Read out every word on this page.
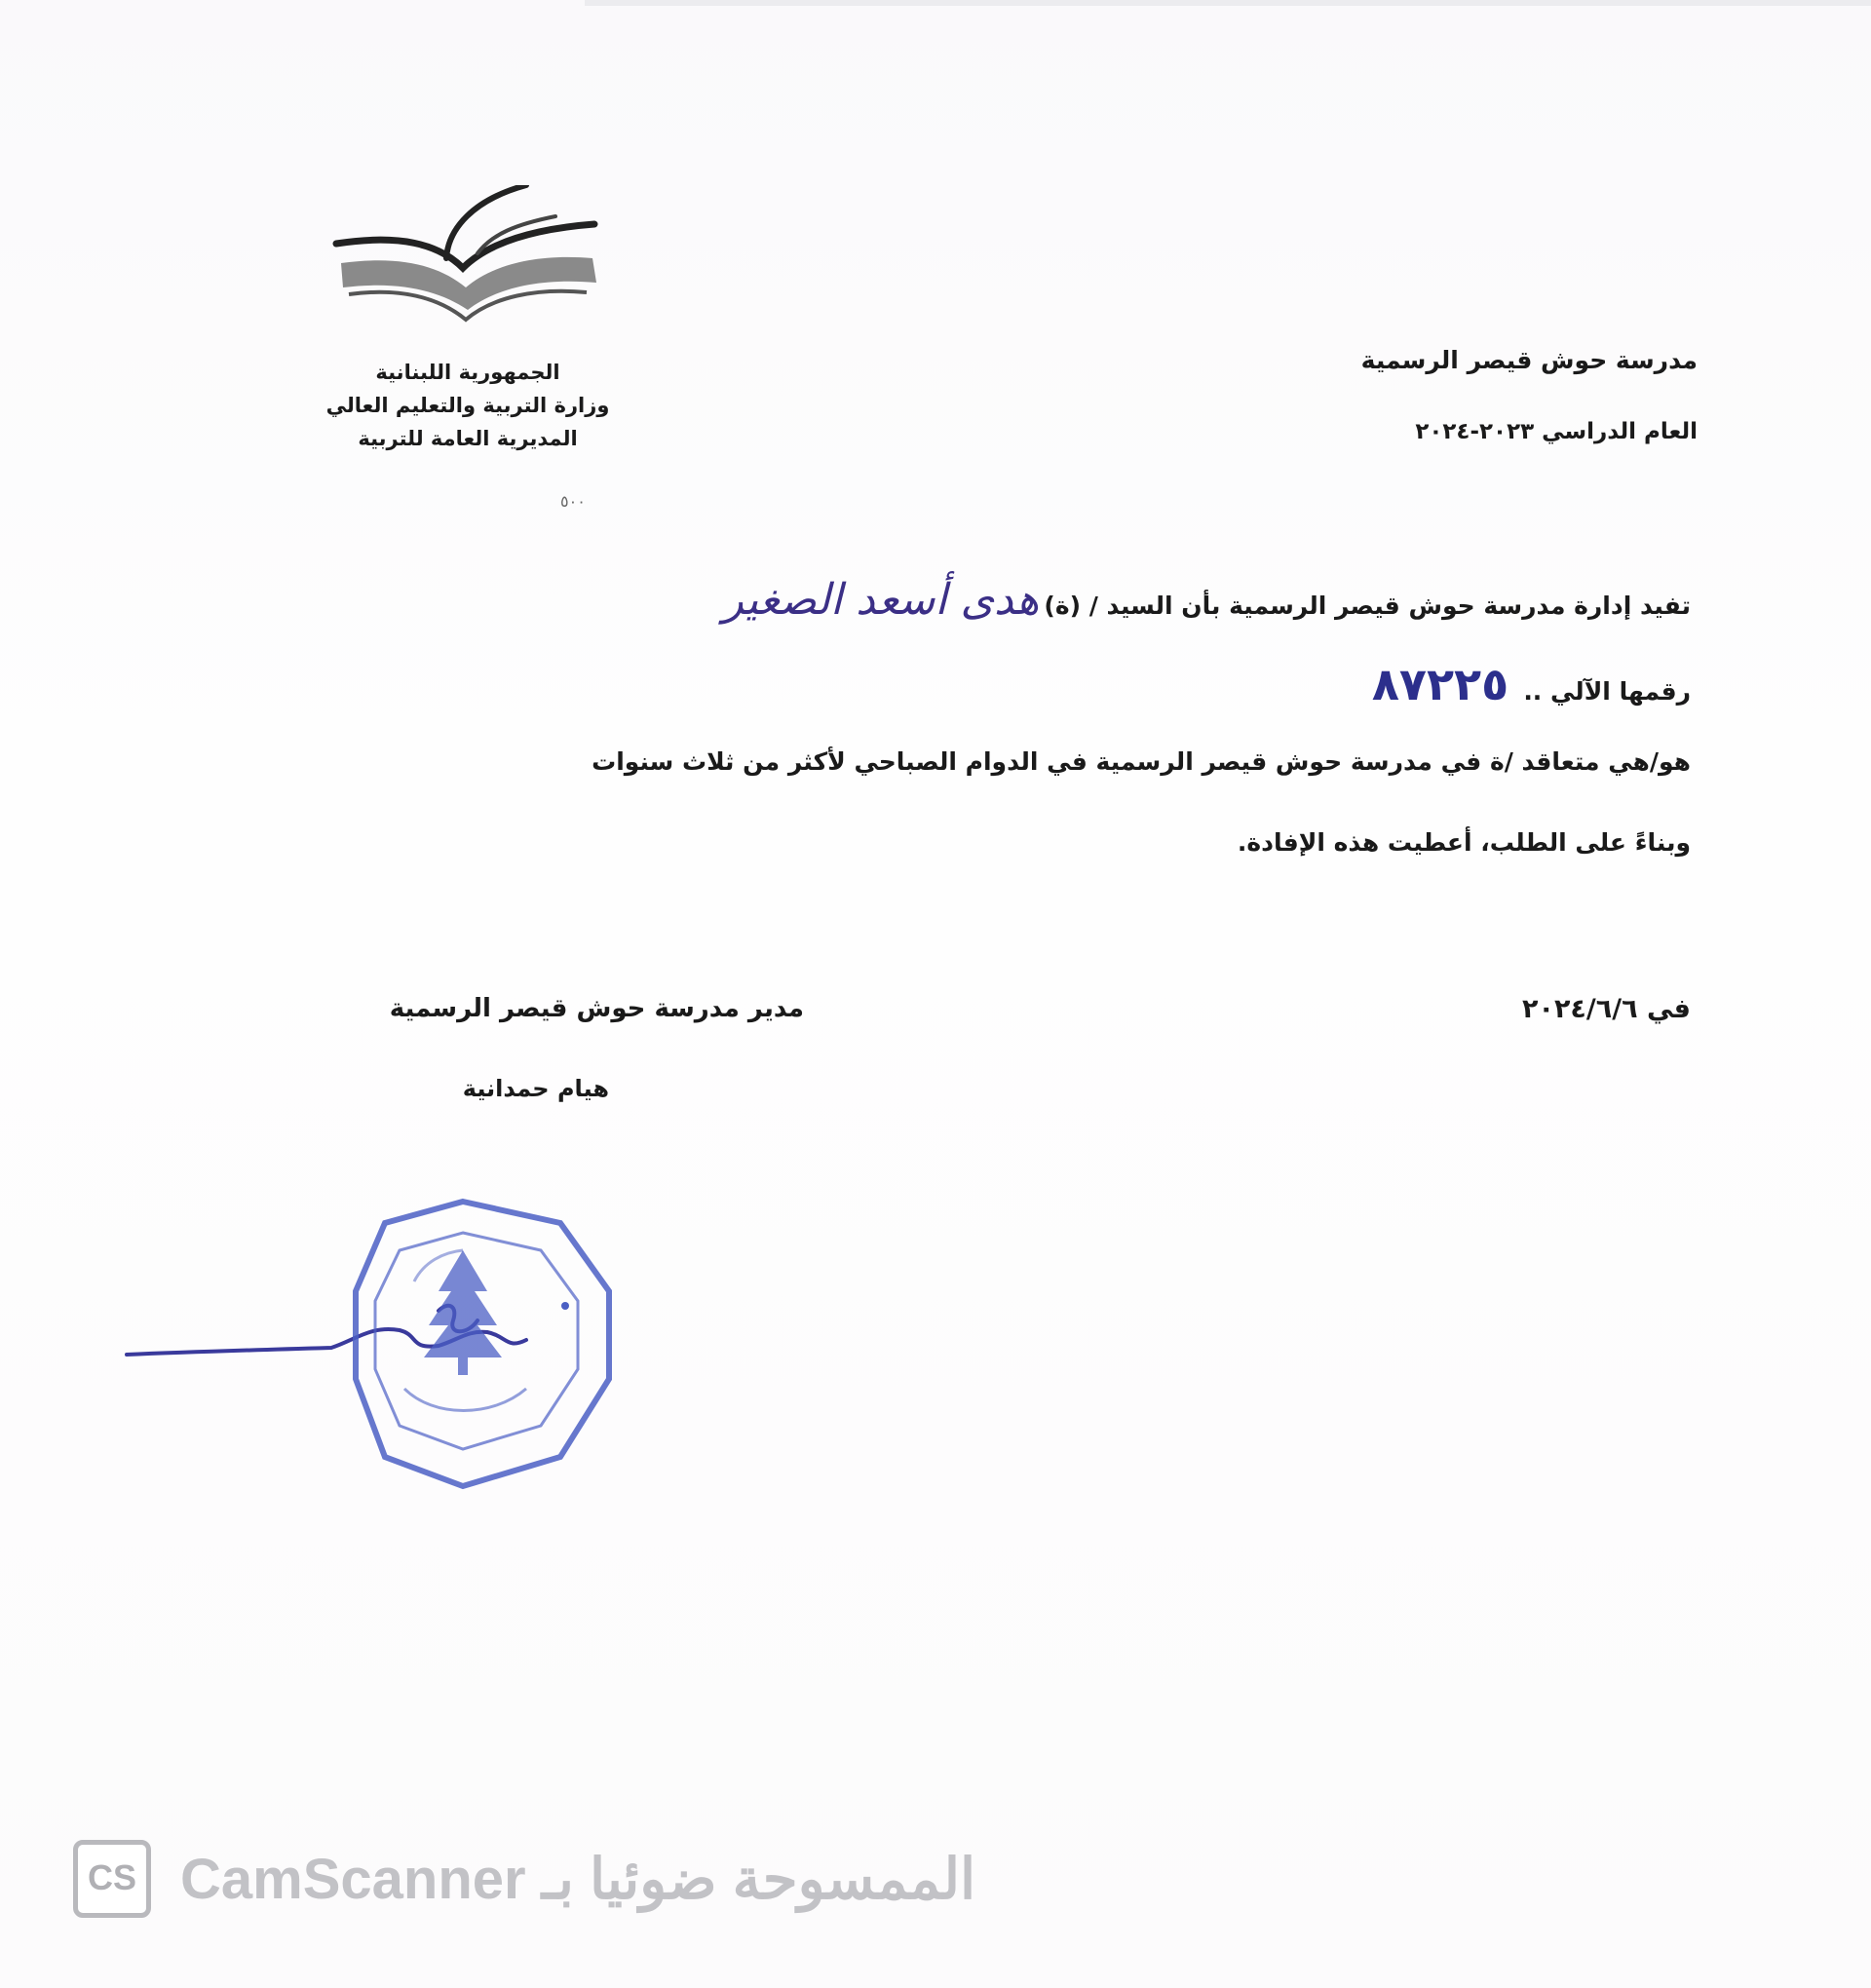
مدرسة حوش قيصر الرسمية
العام الدراسي ٢٠٢٣-٢٠٢٤
الجمهورية اللبنانية
وزارة التربية والتعليم العالي
المديرية العامة للتربية
٥٠٠
تفيد إدارة مدرسة حوش قيصر الرسمية بأن السيد / (ة) هدى أسعد الصغير
رقمها الآلي .. ٨٧٢٢٥
هو/هي متعاقد /ة في مدرسة حوش قيصر الرسمية في الدوام الصباحي لأكثر من ثلاث سنوات
وبناءً على الطلب، أعطيت هذه الإفادة.
في ٢٠٢٤/٦/٦
مدير مدرسة حوش قيصر الرسمية
هيام حمدانية
CS الممسوحة ضوئيا بـ CamScanner
